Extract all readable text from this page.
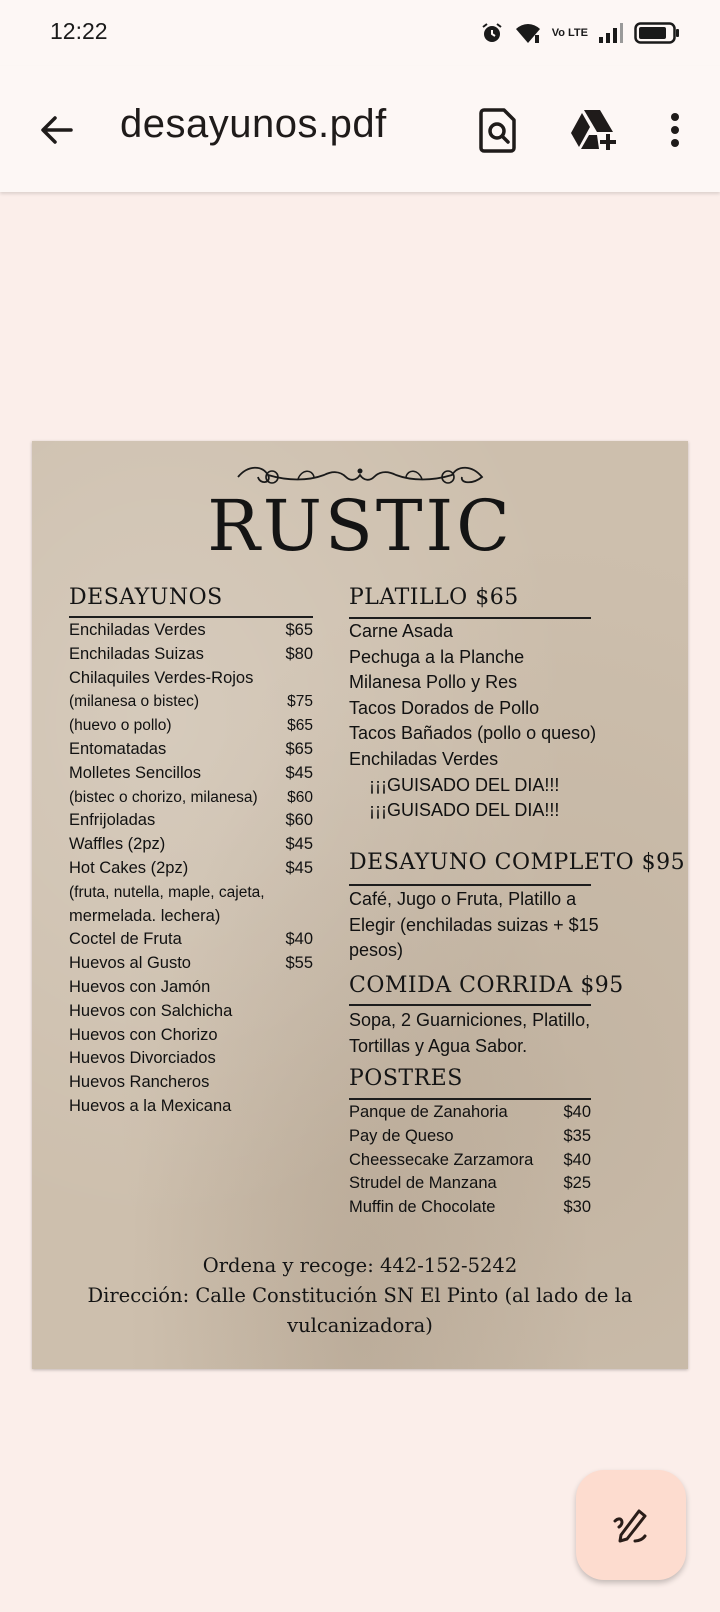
12:22	Vo LTE
desayunos.pdf
RUSTIC
DESAYUNOS
Enchiladas Verdes	$65
Enchiladas Suizas	$80
Chilaquiles Verdes-Rojos
(milanesa o bistec)	$75
(huevo o pollo)	$65
Entomatadas	$65
Molletes Sencillos	$45
(bistec o chorizo, milanesa) $60
Enfrijoladas	$60
Waffles (2pz)	$45
Hot Cakes (2pz)	$45
(fruta, nutella, maple, cajeta,
mermelada. lechera)
Coctel de Fruta	$40
Huevos al Gusto	$55
Huevos con Jamón
Huevos con Salchicha
Huevos con Chorizo
Huevos Divorciados
Huevos Rancheros
Huevos a la Mexicana
PLATILLO $65
Carne Asada
Pechuga a la Planche
Milanesa Pollo y Res
Tacos Dorados de Pollo
Tacos Bañados (pollo o queso)
Enchiladas Verdes
¡¡¡GUISADO DEL DIA!!!
¡¡¡GUISADO DEL DIA!!!
DESAYUNO COMPLETO $95
Café, Jugo o Fruta, Platillo a
Elegir (enchiladas suizas + $15
pesos)
COMIDA CORRIDA $95
Sopa, 2 Guarniciones, Platillo,
Tortillas y Agua Sabor.
POSTRES
Panque de Zanahoria	$40
Pay de Queso	$35
Cheessecake Zarzamora $40
Strudel de Manzana	$25
Muffin de Chocolate	$30
Ordena y recoge: 442-152-5242
Dirección: Calle Constitución SN El Pinto (al lado de la
vulcanizadora)
